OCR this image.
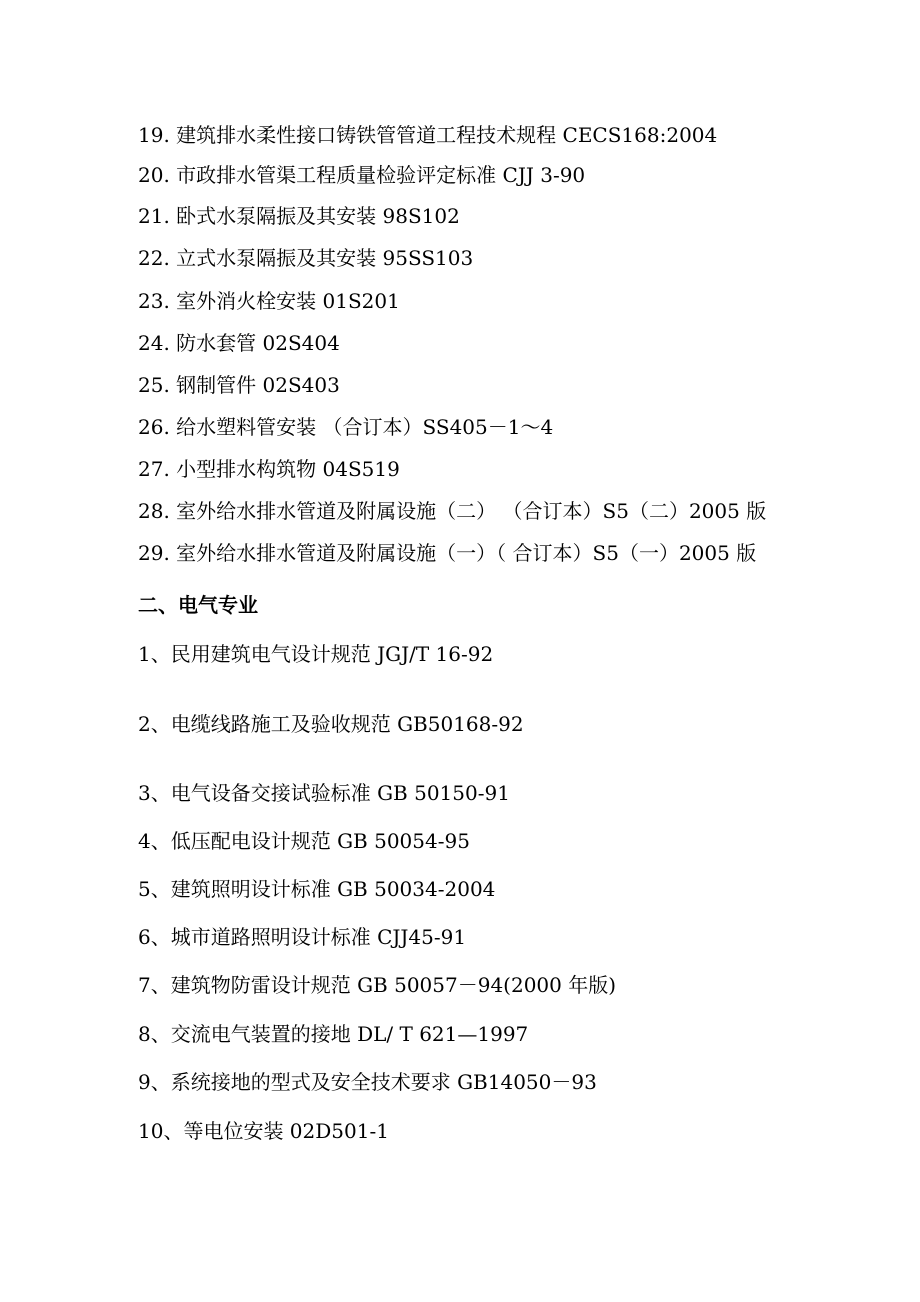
19. 建筑排水柔性接口铸铁管管道工程技术规程 CECS168:2004
20. 市政排水管渠工程质量检验评定标准 CJJ 3-90
21. 卧式水泵隔振及其安装 98S102
22. 立式水泵隔振及其安装 95SS103
23. 室外消火栓安装 01S201
24. 防水套管 02S404
25. 钢制管件 02S403
26. 给水塑料管安装 （合订本）SS405－1～4
27. 小型排水构筑物 04S519
28. 室外给水排水管道及附属设施（二） （合订本）S5（二）2005 版
29. 室外给水排水管道及附属设施（一）（ 合订本）S5（一）2005 版
二、电气专业
1、民用建筑电气设计规范 JGJ/T 16-92
2、电缆线路施工及验收规范 GB50168-92
3、电气设备交接试验标准 GB 50150-91
4、低压配电设计规范 GB 50054-95
5、建筑照明设计标准 GB 50034-2004
6、城市道路照明设计标准 CJJ45-91
7、建筑物防雷设计规范 GB 50057－94(2000 年版)
8、交流电气装置的接地 DL/ T 621—1997
9、系统接地的型式及安全技术要求 GB14050－93
10、等电位安装 02D501-1
